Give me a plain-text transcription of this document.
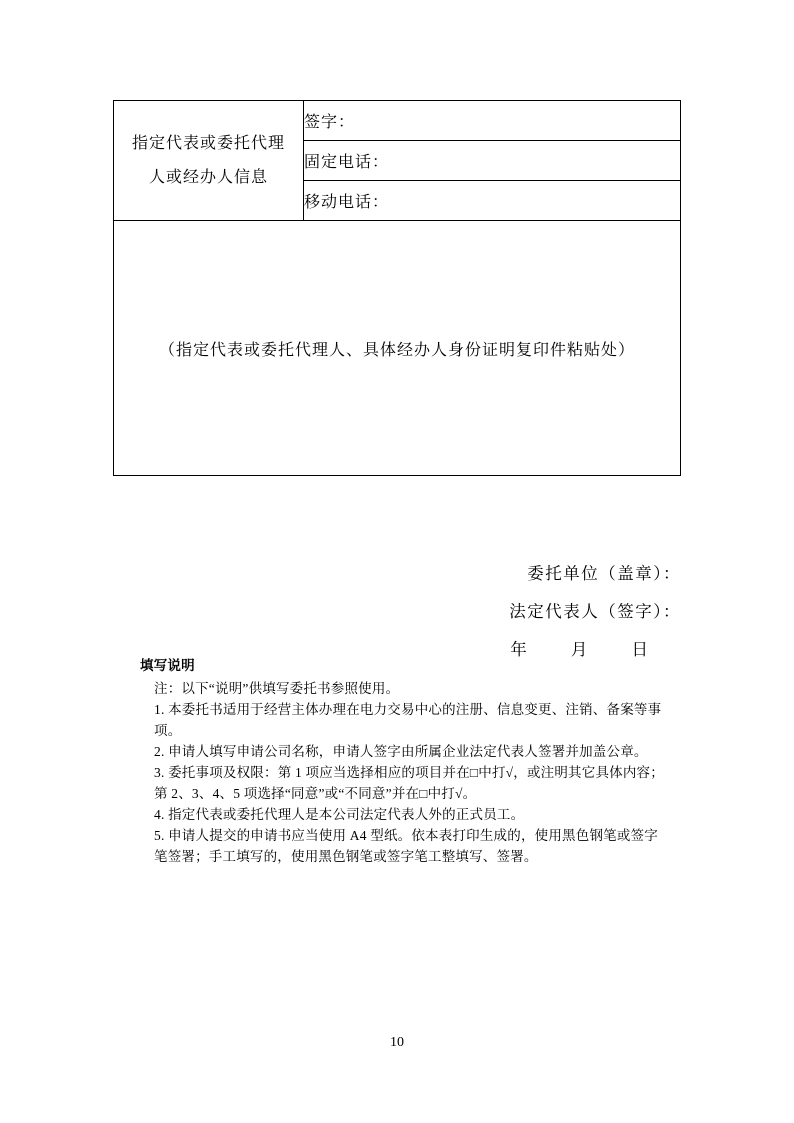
指定代表或委托代理
人或经办人信息
	签字：
固定电话：
移动电话：
（指定代表或委托代理人、具体经办人身份证明复印件粘贴处）
委托单位（盖章）：
法定代表人（签字）：
年	月	日
填写说明

注：以下“说明”供填写委托书参照使用。

1. 本委托书适用于经营主体办理在电力交易中心的注册、信息变更、注销、备案等事项。

2. 申请人填写申请公司名称，申请人签字由所属企业法定代表人签署并加盖公章。

3. 委托事项及权限：第 1 项应当选择相应的项目并在□中打√，或注明其它具体内容；第 2、3、4、5 项选择“同意”或“不同意”并在□中打√。

4. 指定代表或委托代理人是本公司法定代表人外的正式员工。

5. 申请人提交的申请书应当使用 A4 型纸。依本表打印生成的，使用黑色钢笔或签字笔签署；手工填写的，使用黑色钢笔或签字笔工整填写、签署。

10
